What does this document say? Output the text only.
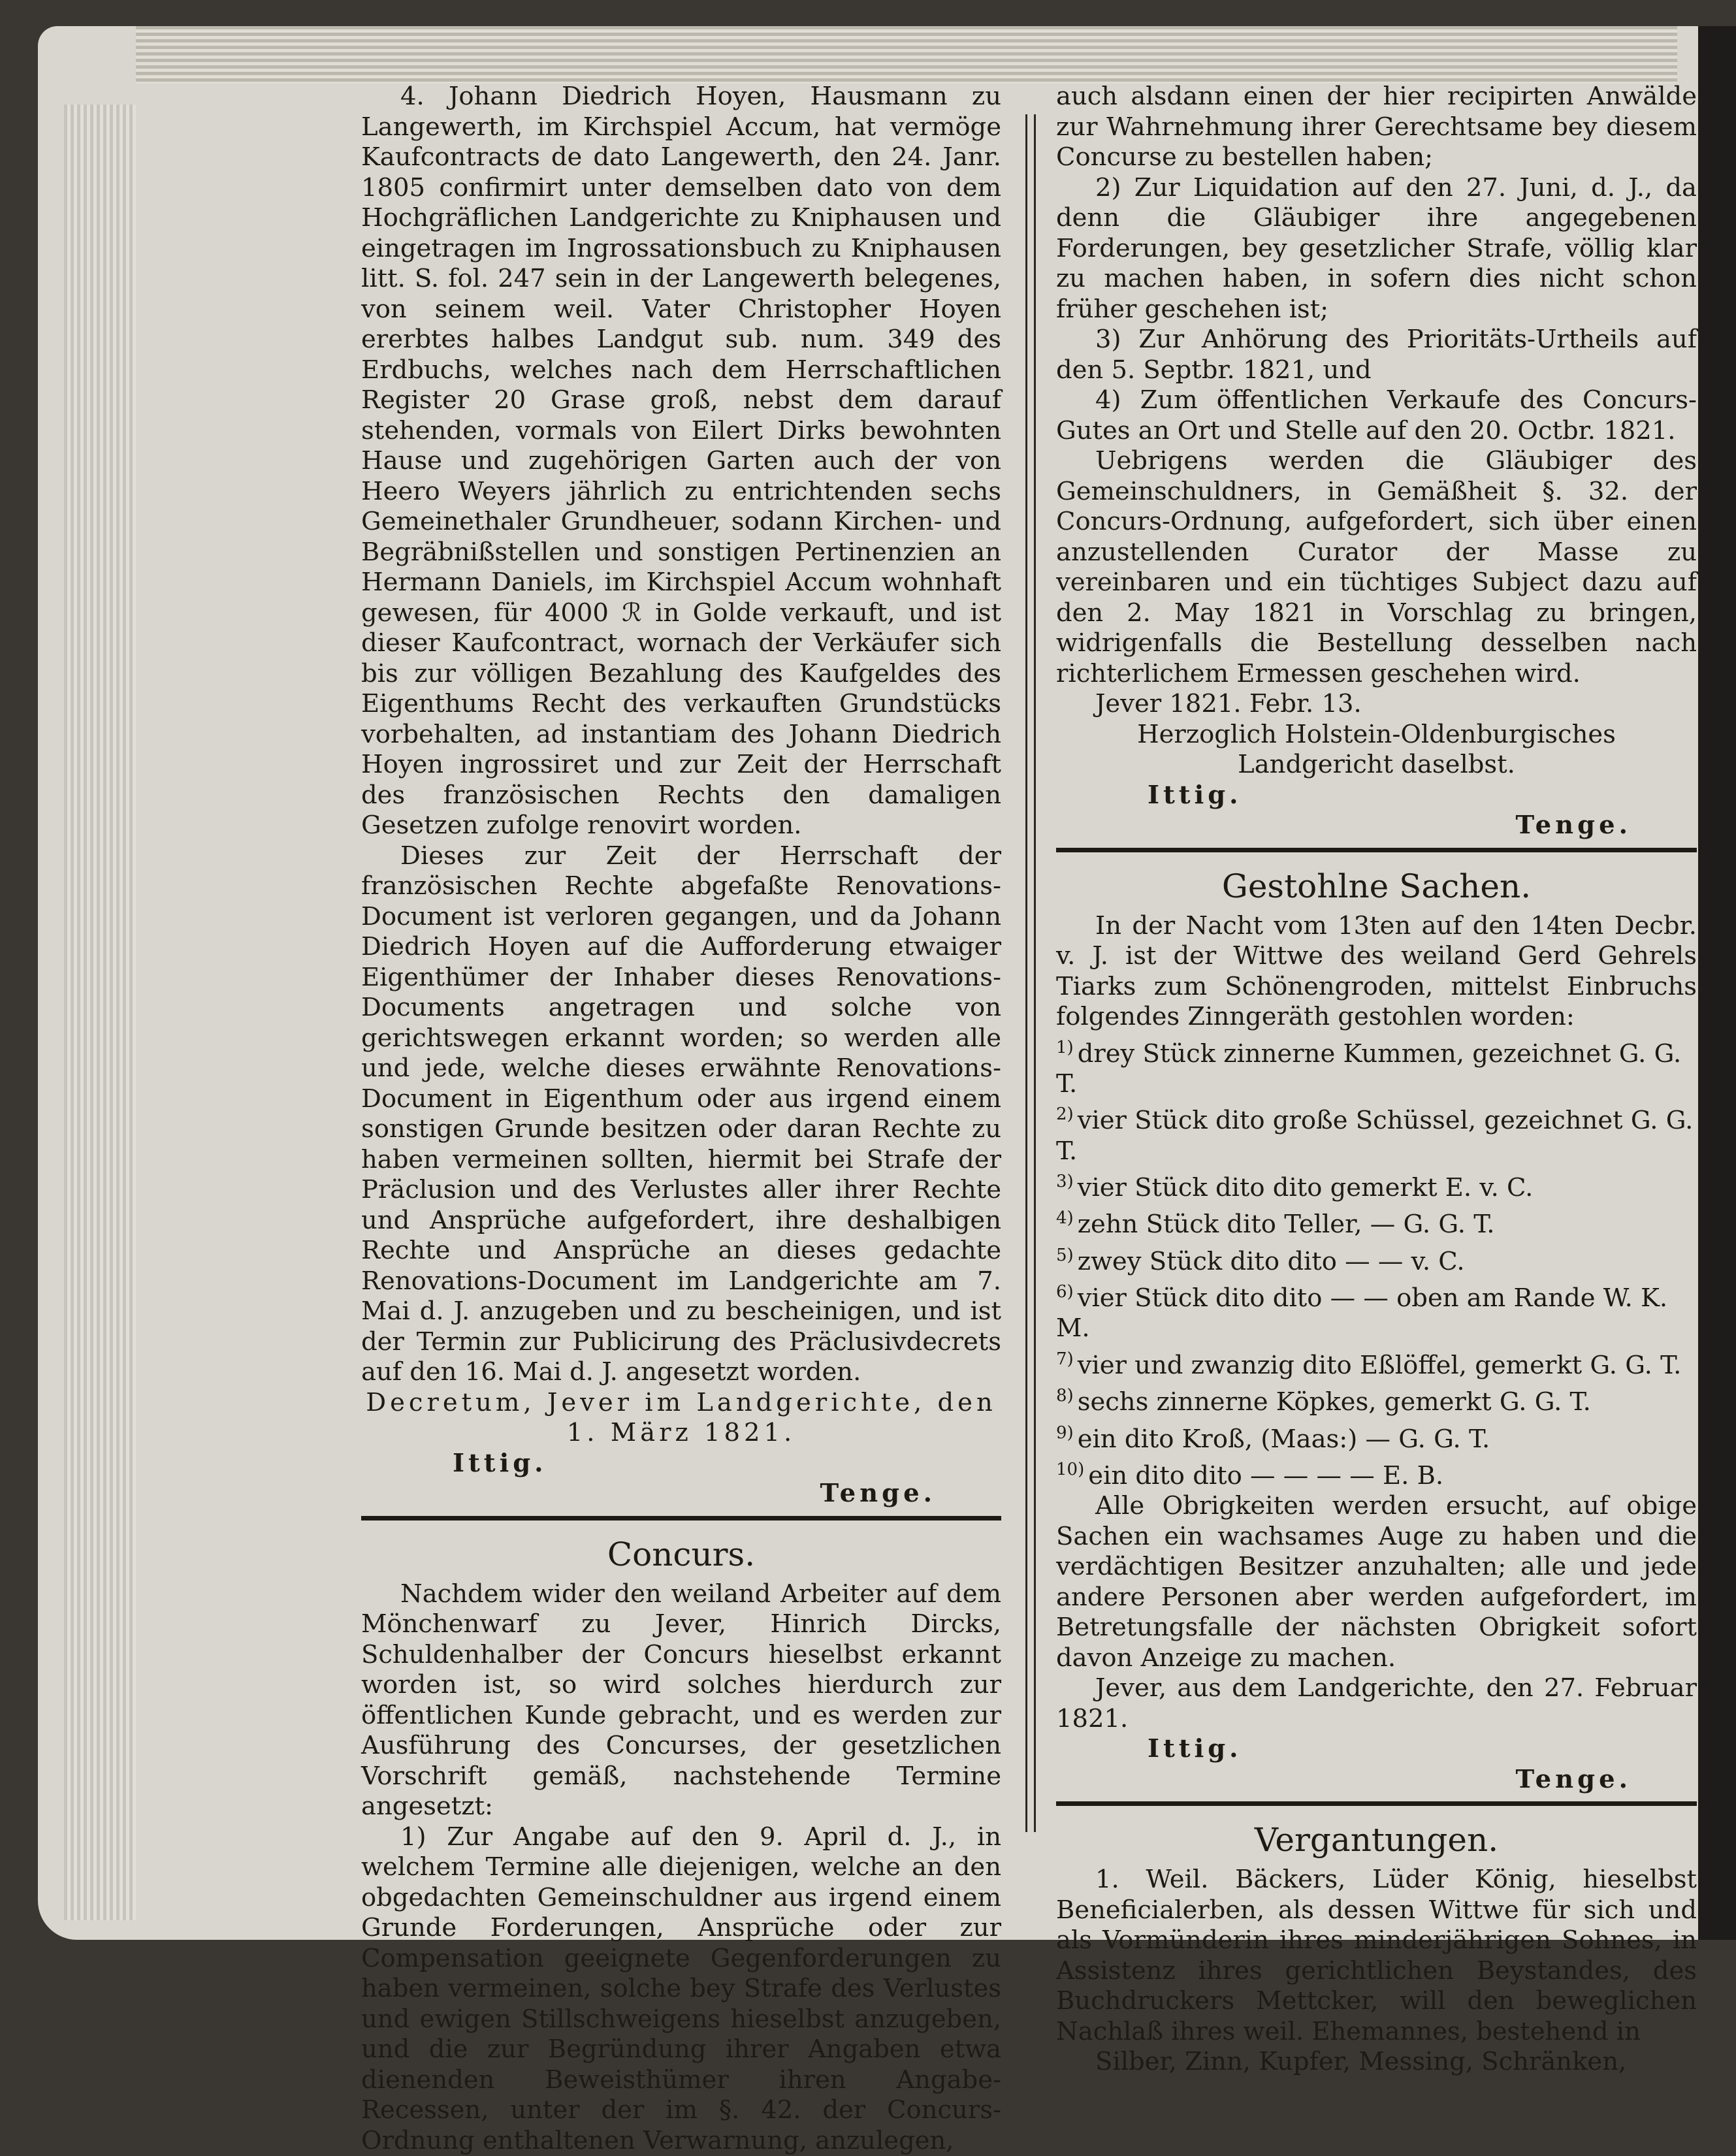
4. Johann Diedrich Hoyen, Hausmann zu Langewerth, im Kirchspiel Accum, hat vermöge Kaufcontracts de dato Langewerth, den 24. Janr. 1805 confirmirt unter demselben dato von dem Hochgräflichen Landgerichte zu Kniphausen und eingetragen im Ingrossationsbuch zu Kniphausen litt. S. fol. 247 sein in der Langewerth belegenes, von seinem weil. Vater Christopher Hoyen ererbtes halbes Landgut sub. num. 349 des Erdbuchs, welches nach dem Herrschaftlichen Register 20 Grase groß, nebst dem darauf stehenden, vormals von Eilert Dirks bewohnten Hause und zugehörigen Garten auch der von Heero Weyers jährlich zu entrichtenden sechs Gemeinethaler Grundheuer, sodann Kirchen- und Begräbnißstellen und sonstigen Pertinenzien an Hermann Daniels, im Kirchspiel Accum wohnhaft gewesen, für 4000 ℛ in Golde verkauft, und ist dieser Kaufcontract, wornach der Verkäufer sich bis zur völligen Bezahlung des Kaufgeldes des Eigenthums Recht des verkauften Grundstücks vorbehalten, ad instantiam des Johann Diedrich Hoyen ingrossiret und zur Zeit der Herrschaft des französischen Rechts den damaligen Gesetzen zufolge renovirt worden.

Dieses zur Zeit der Herrschaft der französischen Rechte abgefaßte Renovations-Document ist verloren gegangen, und da Johann Diedrich Hoyen auf die Aufforderung etwaiger Eigenthümer der Inhaber dieses Renovations-Documents angetragen und solche von gerichtswegen erkannt worden; so werden alle und jede, welche dieses erwähnte Renovations-Document in Eigenthum oder aus irgend einem sonstigen Grunde besitzen oder daran Rechte zu haben vermeinen sollten, hiermit bei Strafe der Präclusion und des Verlustes aller ihrer Rechte und Ansprüche aufgefordert, ihre deshalbigen Rechte und Ansprüche an dieses gedachte Renovations-Document im Landgerichte am 7. Mai d. J. anzugeben und zu bescheinigen, und ist der Termin zur Publicirung des Präclusivdecrets auf den 16. Mai d. J. angesetzt worden.

Decretum, Jever im Landgerichte, den 1. März 1821.

Ittig.
Tenge.
Concurs.

Nachdem wider den weiland Arbeiter auf dem Mönchenwarf zu Jever, Hinrich Dircks, Schuldenhalber der Concurs hieselbst erkannt worden ist, so wird solches hierdurch zur öffentlichen Kunde gebracht, und es werden zur Ausführung des Concurses, der gesetzlichen Vorschrift gemäß, nachstehende Termine angesetzt:

1) Zur Angabe auf den 9. April d. J., in welchem Termine alle diejenigen, welche an den obgedachten Gemeinschuldner aus irgend einem Grunde Forderungen, Ansprüche oder zur Compensation geeignete Gegenforderungen zu haben vermeinen, solche bey Strafe des Verlustes und ewigen Stillschweigens hieselbst anzugeben, und die zur Begründung ihrer Angaben etwa dienenden Beweisthümer ihren Angabe-Recessen, unter der im §. 42. der Concurs-Ordnung enthaltenen Verwarnung, anzulegen,

auch alsdann einen der hier recipirten Anwälde zur Wahrnehmung ihrer Gerechtsame bey diesem Concurse zu bestellen haben;

2) Zur Liquidation auf den 27. Juni, d. J., da denn die Gläubiger ihre angegebenen Forderungen, bey gesetzlicher Strafe, völlig klar zu machen haben, in sofern dies nicht schon früher geschehen ist;

3) Zur Anhörung des Prioritäts-Urtheils auf den 5. Septbr. 1821, und

4) Zum öffentlichen Verkaufe des Concurs-Gutes an Ort und Stelle auf den 20. Octbr. 1821.

Uebrigens werden die Gläubiger des Gemeinschuldners, in Gemäßheit §. 32. der Concurs-Ordnung, aufgefordert, sich über einen anzustellenden Curator der Masse zu vereinbaren und ein tüchtiges Subject dazu auf den 2. May 1821 in Vorschlag zu bringen, widrigenfalls die Bestellung desselben nach richterlichem Ermessen geschehen wird.

Jever 1821. Febr. 13.

Herzoglich Holstein-Oldenburgisches Landgericht daselbst.

Ittig.
Tenge.
Gestohlne Sachen.

In der Nacht vom 13ten auf den 14ten Decbr. v. J. ist der Wittwe des weiland Gerd Gehrels Tiarks zum Schönengroden, mittelst Einbruchs folgendes Zinngeräth gestohlen worden:

$^{1)}$ drey Stück zinnerne Kummen, gezeichnet G. G. T.
$^{2)}$ vier Stück dito große Schüssel, gezeichnet G. G. T.
$^{3)}$ vier Stück dito dito gemerkt E. v. C.
$^{4)}$ zehn Stück dito Teller, — G. G. T.
$^{5)}$ zwey Stück dito dito — — v. C.
$^{6)}$ vier Stück dito dito — — oben am Rande W. K. M.
$^{7)}$ vier und zwanzig dito Eßlöffel, gemerkt G. G. T.
$^{8)}$ sechs zinnerne Köpkes, gemerkt G. G. T.
$^{9)}$ ein dito Kroß, (Maas:) — G. G. T.
$^{10)}$ ein dito dito — — — — E. B.

Alle Obrigkeiten werden ersucht, auf obige Sachen ein wachsames Auge zu haben und die verdächtigen Besitzer anzuhalten; alle und jede andere Personen aber werden aufgefordert, im Betretungsfalle der nächsten Obrigkeit sofort davon Anzeige zu machen.

Jever, aus dem Landgerichte, den 27. Februar 1821.

Ittig.
Tenge.
Vergantungen.

1. Weil. Bäckers, Lüder König, hieselbst Beneficialerben, als dessen Wittwe für sich und als Vormünderin ihres minderjährigen Sohnes, in Assistenz ihres gerichtlichen Beystandes, des Buchdruckers Mettcker, will den beweglichen Nachlaß ihres weil. Ehemannes, bestehend in

Silber, Zinn, Kupfer, Messing, Schränken,
